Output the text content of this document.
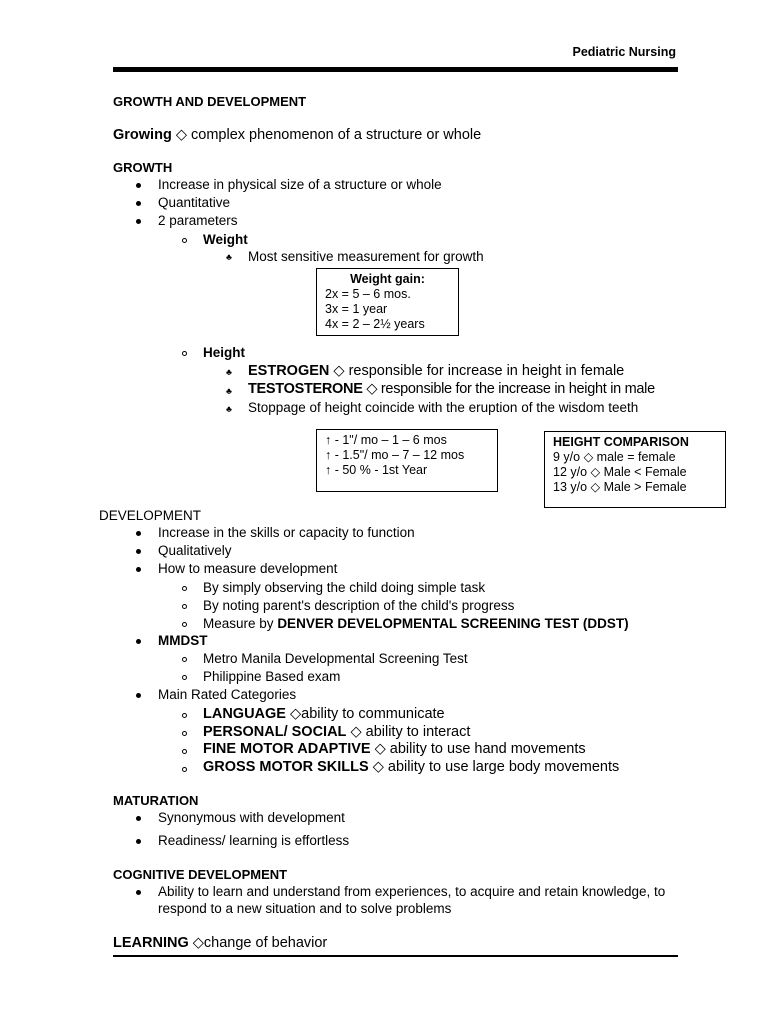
Pediatric Nursing
GROWTH AND DEVELOPMENT
Growing ◇ complex phenomenon of a structure or whole
GROWTH
Increase in physical size of a structure or whole
Quantitative
2 parameters
Weight
♣ Most sensitive measurement for growth
Weight gain:
2x = 5 – 6 mos.
3x = 1 year
4x = 2 – 2½ years
Height
♣ ESTROGEN ◇ responsible for increase in height in female
♣ TESTOSTERONE ◇ responsible for the increase in height in male
♣ Stoppage of height coincide with the eruption of the wisdom teeth
↑ - 1"/ mo – 1 – 6 mos
↑ - 1.5"/ mo – 7 – 12 mos
↑ - 50 % - 1st Year
HEIGHT COMPARISON
9 y/o ◇ male = female
12 y/o ◇ Male < Female
13 y/o ◇ Male > Female
DEVELOPMENT
Increase in the skills or capacity to function
Qualitatively
How to measure development
By simply observing the child doing simple task
By noting parent's description of the child's progress
Measure by DENVER DEVELOPMENTAL SCREENING TEST (DDST)
MMDST
Metro Manila Developmental Screening Test
Philippine Based exam
Main Rated Categories
LANGUAGE ◇ability to communicate
PERSONAL/ SOCIAL ◇ ability to interact
FINE MOTOR ADAPTIVE ◇ ability to use hand movements
GROSS MOTOR SKILLS ◇ ability to use large body movements
MATURATION
Synonymous with development
Readiness/ learning is effortless
COGNITIVE DEVELOPMENT
Ability to learn and understand from experiences, to acquire and retain knowledge, to
respond to a new situation and to solve problems
LEARNING ◇change of behavior
